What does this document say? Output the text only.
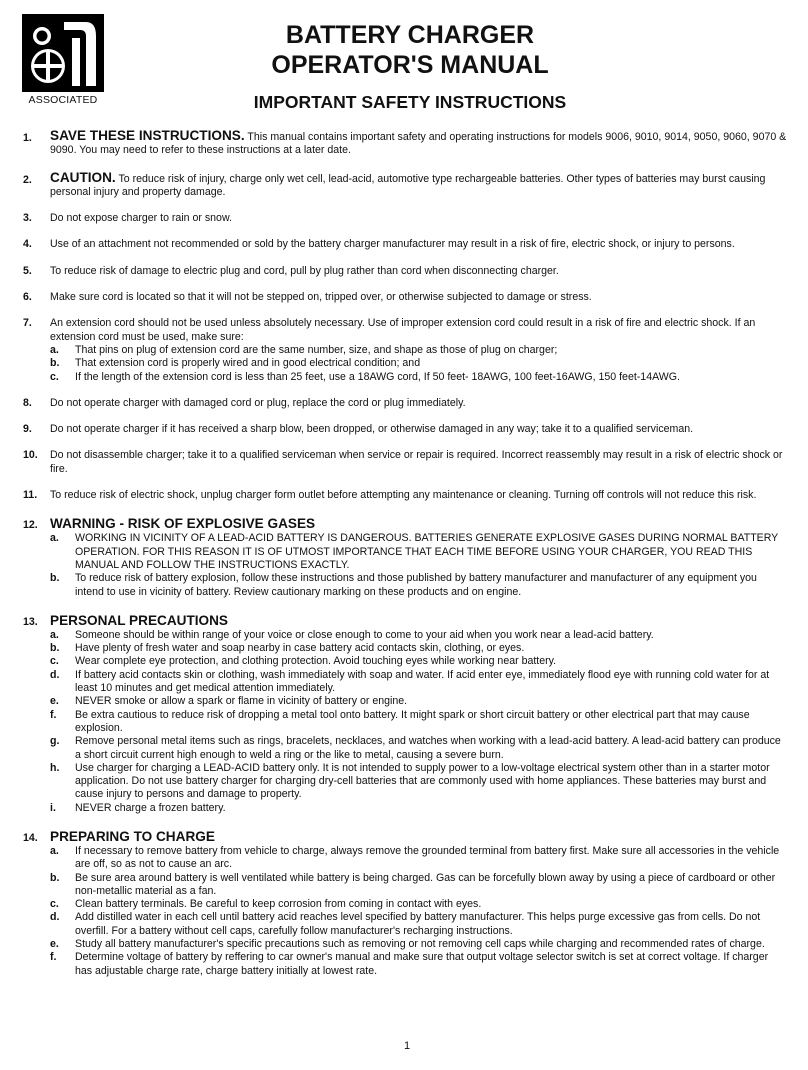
ASSOCIATED
BATTERY CHARGER
OPERATOR'S MANUAL
IMPORTANT SAFETY INSTRUCTIONS
1. SAVE THESE INSTRUCTIONS. This manual contains important safety and operating instructions for models 9006, 9010, 9014, 9050, 9060, 9070 & 9090. You may need to refer to these instructions at a later date.
2. CAUTION. To reduce risk of injury, charge only wet cell, lead-acid, automotive type rechargeable batteries. Other types of batteries may burst causing personal injury and property damage.
3. Do not expose charger to rain or snow.
4. Use of an attachment not recommended or sold by the battery charger manufacturer may result in a risk of fire, electric shock, or injury to persons.
5. To reduce risk of damage to electric plug and cord, pull by plug rather than cord when disconnecting charger.
6. Make sure cord is located so that it will not be stepped on, tripped over, or otherwise subjected to damage or stress.
7. An extension cord should not be used unless absolutely necessary. Use of improper extension cord could result in a risk of fire and electric shock. If an extension cord must be used, make sure:
a. That pins on plug of extension cord are the same number, size, and shape as those of plug on charger;
b. That extension cord is properly wired and in good electrical condition; and
c. If the length of the extension cord is less than 25 feet, use a 18AWG cord, If 50 feet- 18AWG, 100 feet-16AWG, 150 feet-14AWG.
8. Do not operate charger with damaged cord or plug, replace the cord or plug immediately.
9. Do not operate charger if it has received a sharp blow, been dropped, or otherwise damaged in any way; take it to a qualified serviceman.
10. Do not disassemble charger; take it to a qualified serviceman when service or repair is required. Incorrect reassembly may result in a risk of electric shock or fire.
11. To reduce risk of electric shock, unplug charger form outlet before attempting any maintenance or cleaning. Turning off controls will not reduce this risk.
12. WARNING - RISK OF EXPLOSIVE GASES
a. WORKING IN VICINITY OF A LEAD-ACID BATTERY IS DANGEROUS. BATTERIES GENERATE EXPLOSIVE GASES DURING NORMAL BATTERY OPERATION. FOR THIS REASON IT IS OF UTMOST IMPORTANCE THAT EACH TIME BEFORE USING YOUR CHARGER, YOU READ THIS MANUAL AND FOLLOW THE INSTRUCTIONS EXACTLY.
b. To reduce risk of battery explosion, follow these instructions and those published by battery manufacturer and manufacturer of any equipment you intend to use in vicinity of battery. Review cautionary marking on these products and on engine.
13. PERSONAL PRECAUTIONS
a. Someone should be within range of your voice or close enough to come to your aid when you work near a lead-acid battery.
b. Have plenty of fresh water and soap nearby in case battery acid contacts skin, clothing, or eyes.
c. Wear complete eye protection, and clothing protection. Avoid touching eyes while working near battery.
d. If battery acid contacts skin or clothing, wash immediately with soap and water. If acid enter eye, immediately flood eye with running cold water for at least 10 minutes and get medical attention immediately.
e. NEVER smoke or allow a spark or flame in vicinity of battery or engine.
f. Be extra cautious to reduce risk of dropping a metal tool onto battery. It might spark or short circuit battery or other electrical part that may cause explosion.
g. Remove personal metal items such as rings, bracelets, necklaces, and watches when working with a lead-acid battery. A lead-acid battery can produce a short circuit current high enough to weld a ring or the like to metal, causing a severe burn.
h. Use charger for charging a LEAD-ACID battery only. It is not intended to supply power to a low-voltage electrical system other than in a starter motor application. Do not use battery charger for charging dry-cell batteries that are commonly used with home appliances. These batteries may burst and cause injury to persons and damage to property.
i. NEVER charge a frozen battery.
14. PREPARING TO CHARGE
a. If necessary to remove battery from vehicle to charge, always remove the grounded terminal from battery first. Make sure all accessories in the vehicle are off, so as not to cause an arc.
b. Be sure area around battery is well ventilated while battery is being charged. Gas can be forcefully blown away by using a piece of cardboard or other non-metallic material as a fan.
c. Clean battery terminals. Be careful to keep corrosion from coming in contact with eyes.
d. Add distilled water in each cell until battery acid reaches level specified by battery manufacturer. This helps purge excessive gas from cells. Do not overfill. For a battery without cell caps, carefully follow manufacturer's recharging instructions.
e. Study all battery manufacturer's specific precautions such as removing or not removing cell caps while charging and recommended rates of charge.
f. Determine voltage of battery by reffering to car owner's manual and make sure that output voltage selector switch is set at correct voltage. If charger has adjustable charge rate, charge battery initially at lowest rate.
1
